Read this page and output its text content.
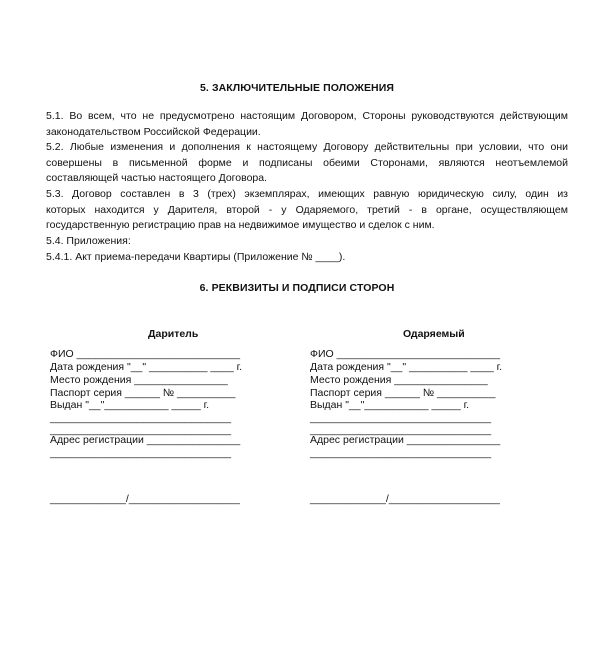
5. ЗАКЛЮЧИТЕЛЬНЫЕ ПОЛОЖЕНИЯ
5.1. Во всем, что не предусмотрено настоящим Договором, Стороны руководствуются действующим
законодательством Российской Федерации.
5.2. Любые изменения и дополнения к настоящему Договору действительны при условии, что они
совершены в письменной форме и подписаны обеими Сторонами, являются неотъемлемой
составляющей частью настоящего Договора.
5.3. Договор составлен в 3 (трех) экземплярах, имеющих равную юридическую силу, один из
которых находится у Дарителя, второй - у Одаряемого, третий - в органе, осуществляющем
государственную регистрацию прав на недвижимое имущество и сделок с ним.
5.4. Приложения:
5.4.1. Акт приема-передачи Квартиры (Приложение № ____).
6. РЕКВИЗИТЫ И ПОДПИСИ СТОРОН
Даритель
ФИО ____________________________
Дата рождения "__" __________ ____ г.
Место рождения ________________
Паспорт серия ______ № __________
Выдан "__"___________ _____ г.
_______________________________
_______________________________
Адрес регистрации ________________
_______________________________
_____________/___________________
Одаряемый
ФИО ____________________________
Дата рождения "__" __________ ____ г.
Место рождения ________________
Паспорт серия ______ № __________
Выдан "__"___________ _____ г.
_______________________________
_______________________________
Адрес регистрации ________________
_______________________________
_____________/___________________
